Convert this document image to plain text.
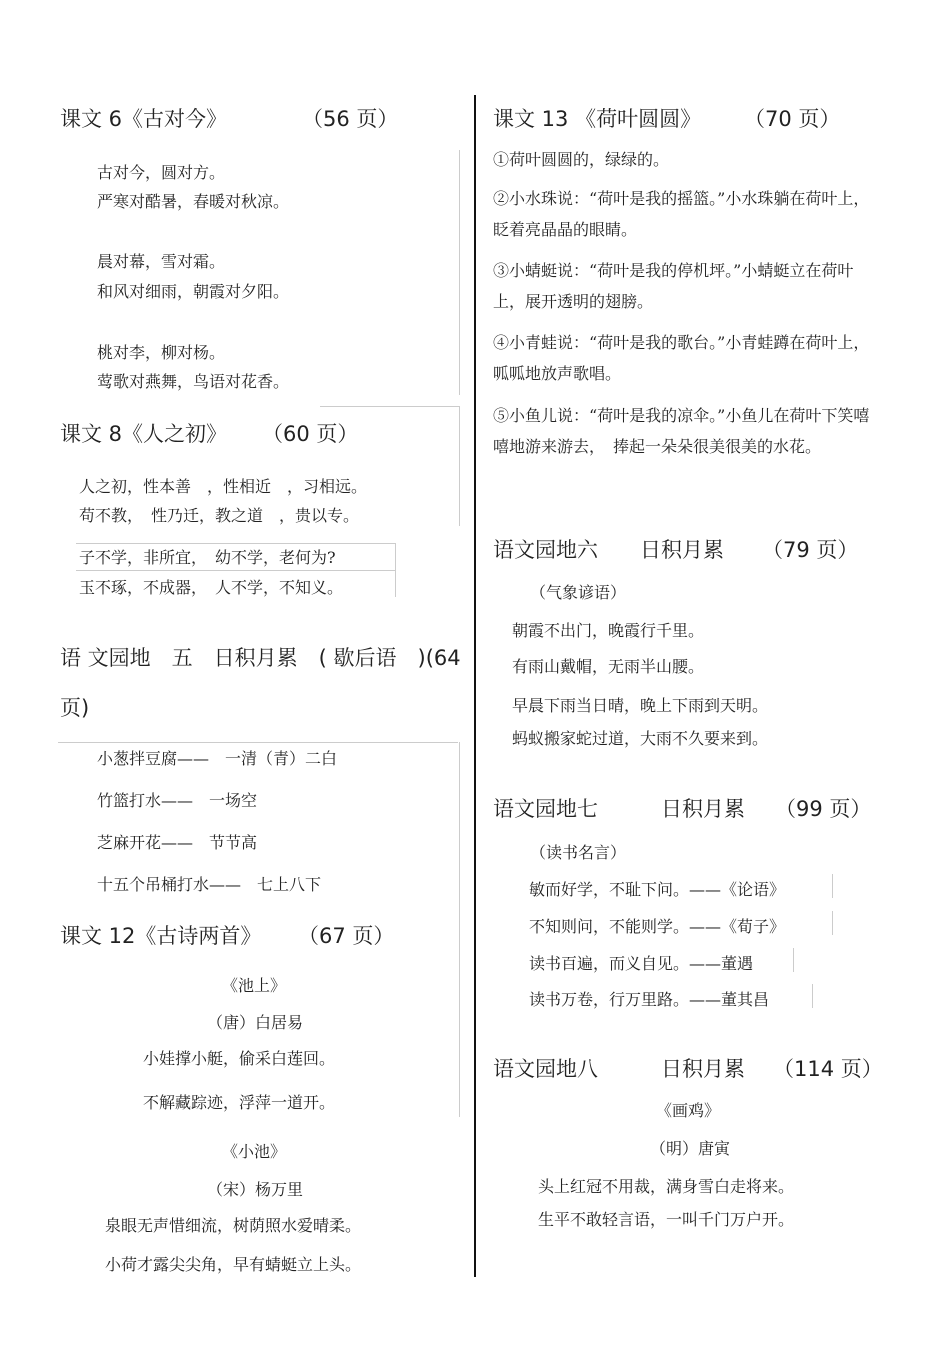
课文 6《古对今》	（56 页）
古对今，圆对方。
严寒对酷暑，春暖对秋凉。
晨对幕，雪对霜。
和风对细雨，朝霞对夕阳。
桃对李，柳对杨。
莺歌对燕舞，鸟语对花香。
课文 8《人之初》 （60 页）
人之初，性本善　，性相近　，习相远。
苟不教，　性乃迁，教之道　，贵以专。
子不学，非所宜，　幼不学，老何为?
玉不琢，不成器，　人不学，不知义。
语 文园地　五　日积月累　( 歇后语　)(64
页)
小葱拌豆腐——　一清（青）二白
竹篮打水——　一场空
芝麻开花——　节节高
十五个吊桶打水——　七上八下
课文 12《古诗两首》 （67 页）
《池上》
（唐）白居易
小娃撑小艇，偷采白莲回。
不解藏踪迹，浮萍一道开。
《小池》
（宋）杨万里
泉眼无声惜细流，树荫照水爱晴柔。
小荷才露尖尖角，早有蜻蜓立上头。
课文 13 《荷叶圆圆》 （70 页）
①荷叶圆圆的，绿绿的。
②小水珠说：“荷叶是我的摇篮。”小水珠躺在荷叶上，眨着亮晶晶的眼睛。
③小蜻蜓说：“荷叶是我的停机坪。”小蜻蜓立在荷叶上，展开透明的翅膀。
④小青蛙说：“荷叶是我的歌台。”小青蛙蹲在荷叶上，呱呱地放声歌唱。
⑤小鱼儿说：“荷叶是我的凉伞。”小鱼儿在荷叶下笑嘻嘻地游来游去，　捧起一朵朵很美很美的水花。
语文园地六　　日积月累 （79 页）
（气象谚语）
朝霞不出门，晚霞行千里。
有雨山戴帽，无雨半山腰。
早晨下雨当日晴，晚上下雨到天明。
蚂蚁搬家蛇过道，大雨不久要来到。
语文园地七　　　日积月累 （99 页）
（读书名言）
敏而好学，不耻下问。——《论语》
不知则问，不能则学。——《荀子》
读书百遍，而义自见。——董遇
读书万卷，行万里路。——董其昌
语文园地八　　　日积月累 （114 页）
《画鸡》
（明）唐寅
头上红冠不用裁，满身雪白走将来。
生平不敢轻言语，一叫千门万户开。
